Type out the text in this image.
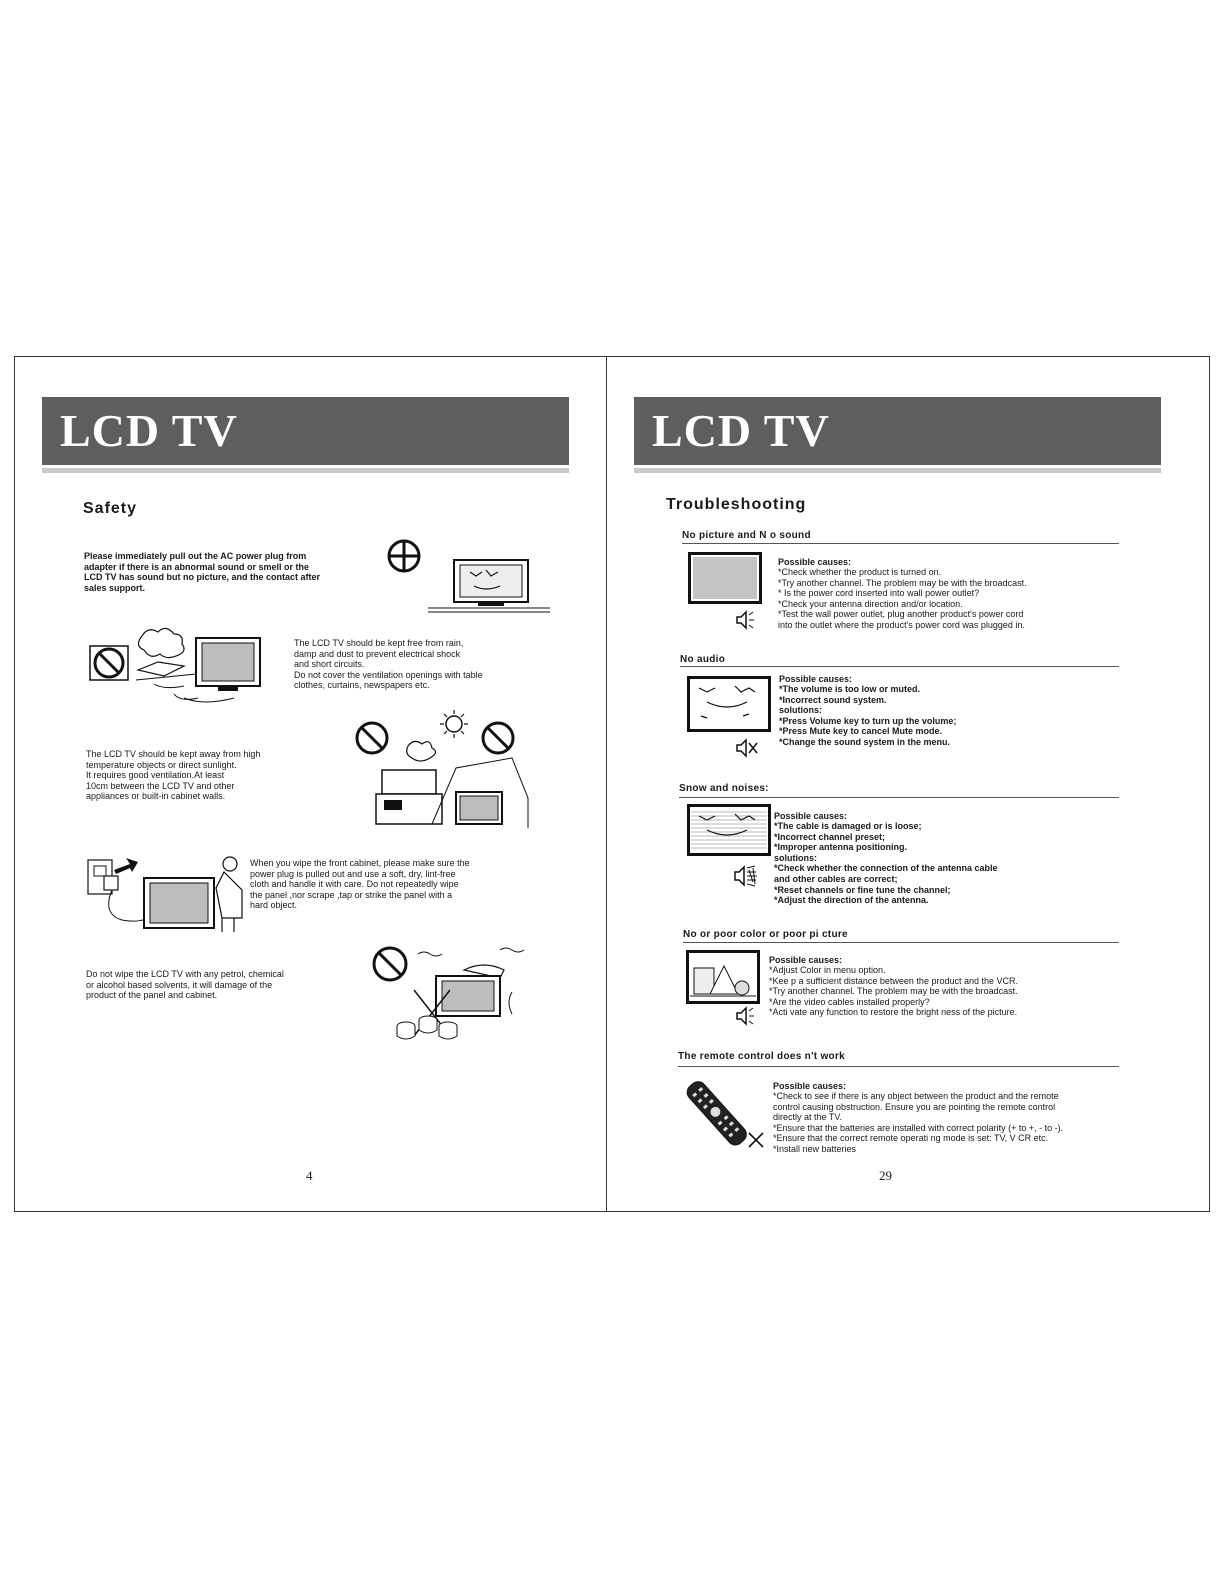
LCD TV
Safety
Please immediately pull out the AC power plug from
adapter if there is an abnormal sound or smell or the
LCD TV has sound but no picture, and the contact after
sales support.
The LCD TV should be kept free from rain,
damp and dust to prevent electrical shock
and short circuits.
Do not cover the ventilation openings with table
clothes, curtains, newspapers etc.
The LCD TV should be kept away from high
temperature objects or direct sunlight.
It requires good ventilation.At least
10cm between the LCD TV and other
appliances or built-in cabinet walls.
When you wipe the front cabinet, please make sure the
power plug is pulled out and use a soft, dry, lint-free
cloth and handle it with care. Do not repeatedly wipe
the panel ,nor scrape ,tap or strike the panel with a
hard object.
Do not wipe the LCD TV with any petrol, chemical
or alcohol based solvents, it will damage of the
product of the panel and cabinet.
4
LCD TV
Troubleshooting
No picture and N o sound
Possible causes:
*Check whether the product is turned on.
*Try another channel. The problem may be with the broadcast.
* Is the power cord inserted into wall power outlet?
*Check your antenna direction and/or location.
*Test the wall power outlet, plug another product's power cord
into the outlet where the product's power cord was plugged in.
No audio
Possible causes:
*The volume is too low or muted.
*Incorrect sound system.
solutions:
*Press Volume key to turn up the volume;
*Press Mute key to cancel Mute mode.
*Change the sound system in the menu.
Snow and noises:
Possible causes:
*The cable is damaged or is loose;
*Incorrect channel preset;
*Improper antenna positioning.
solutions:
*Check whether the connection of the antenna cable
and other cables are correct;
*Reset channels or fine tune the channel;
*Adjust the direction of the antenna.
No or poor color or poor pi cture
Possible causes:
*Adjust Color in menu option.
*Kee p a sufficient distance between the product and the VCR.
*Try another channel. The problem may be with the broadcast.
*Are the video cables installed properly?
*Acti vate any function to restore the bright ness of the picture.
The remote control does n't work
Possible causes:
*Check to see if there is any object between the product and the remote
control causing obstruction. Ensure you are pointing the remote control
directly at the TV.
*Ensure that the batteries are installed with correct polarity (+ to +, - to -).
*Ensure that the correct remote operati ng mode is set: TV, V CR etc.
*Install new batteries
29
